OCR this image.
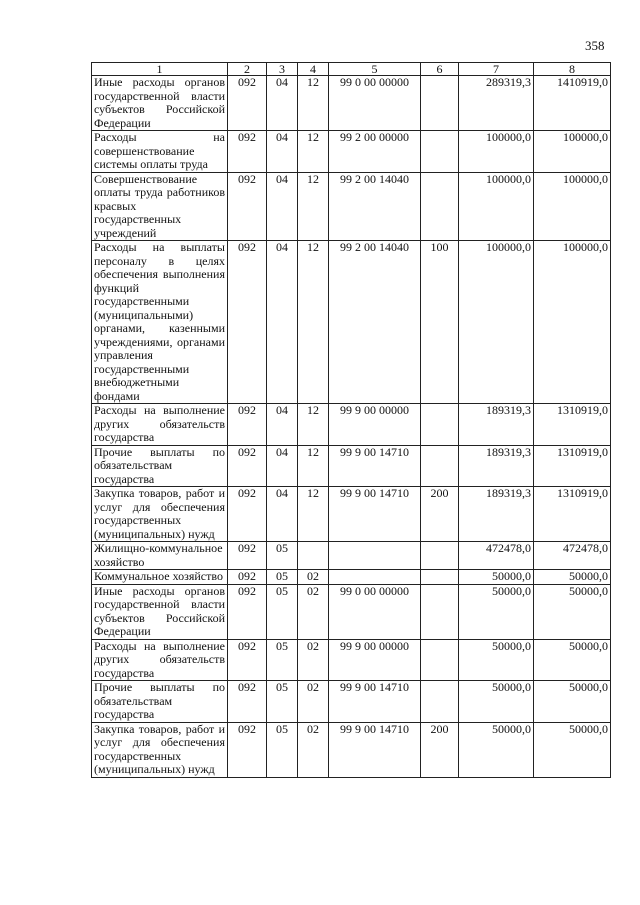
358
1	2	3	4	5	6	7	8
Иные расходы органов государственной власти субъектов Российской Федерации	092	04	12	99 0 00 00000		289319,3	1410919,0
Расходы на совершенствование системы оплаты труда	092	04	12	99 2 00 00000		100000,0	100000,0
Совершенствование оплаты труда работников красвых государственных учреждений	092	04	12	99 2 00 14040		100000,0	100000,0
Расходы на выплаты персоналу в целях обеспечения выполнения функций государственными (муниципальными) органами, казенными учреждениями, органами управления государственными внебюджетными фондами	092	04	12	99 2 00 14040	100	100000,0	100000,0
Расходы на выполнение других обязательств государства	092	04	12	99 9 00 00000		189319,3	1310919,0
Прочие выплаты по обязательствам государства	092	04	12	99 9 00 14710		189319,3	1310919,0
Закупка товаров, работ и услуг для обеспечения государственных (муниципальных) нужд	092	04	12	99 9 00 14710	200	189319,3	1310919,0
Жилищно-коммунальное хозяйство	092	05				472478,0	472478,0
Коммунальное хозяйство	092	05	02			50000,0	50000,0
Иные расходы органов государственной власти субъектов Российской Федерации	092	05	02	99 0 00 00000		50000,0	50000,0
Расходы на выполнение других обязательств государства	092	05	02	99 9 00 00000		50000,0	50000,0
Прочие выплаты по обязательствам государства	092	05	02	99 9 00 14710		50000,0	50000,0
Закупка товаров, работ и услуг для обеспечения государственных (муниципальных) нужд	092	05	02	99 9 00 14710	200	50000,0	50000,0
